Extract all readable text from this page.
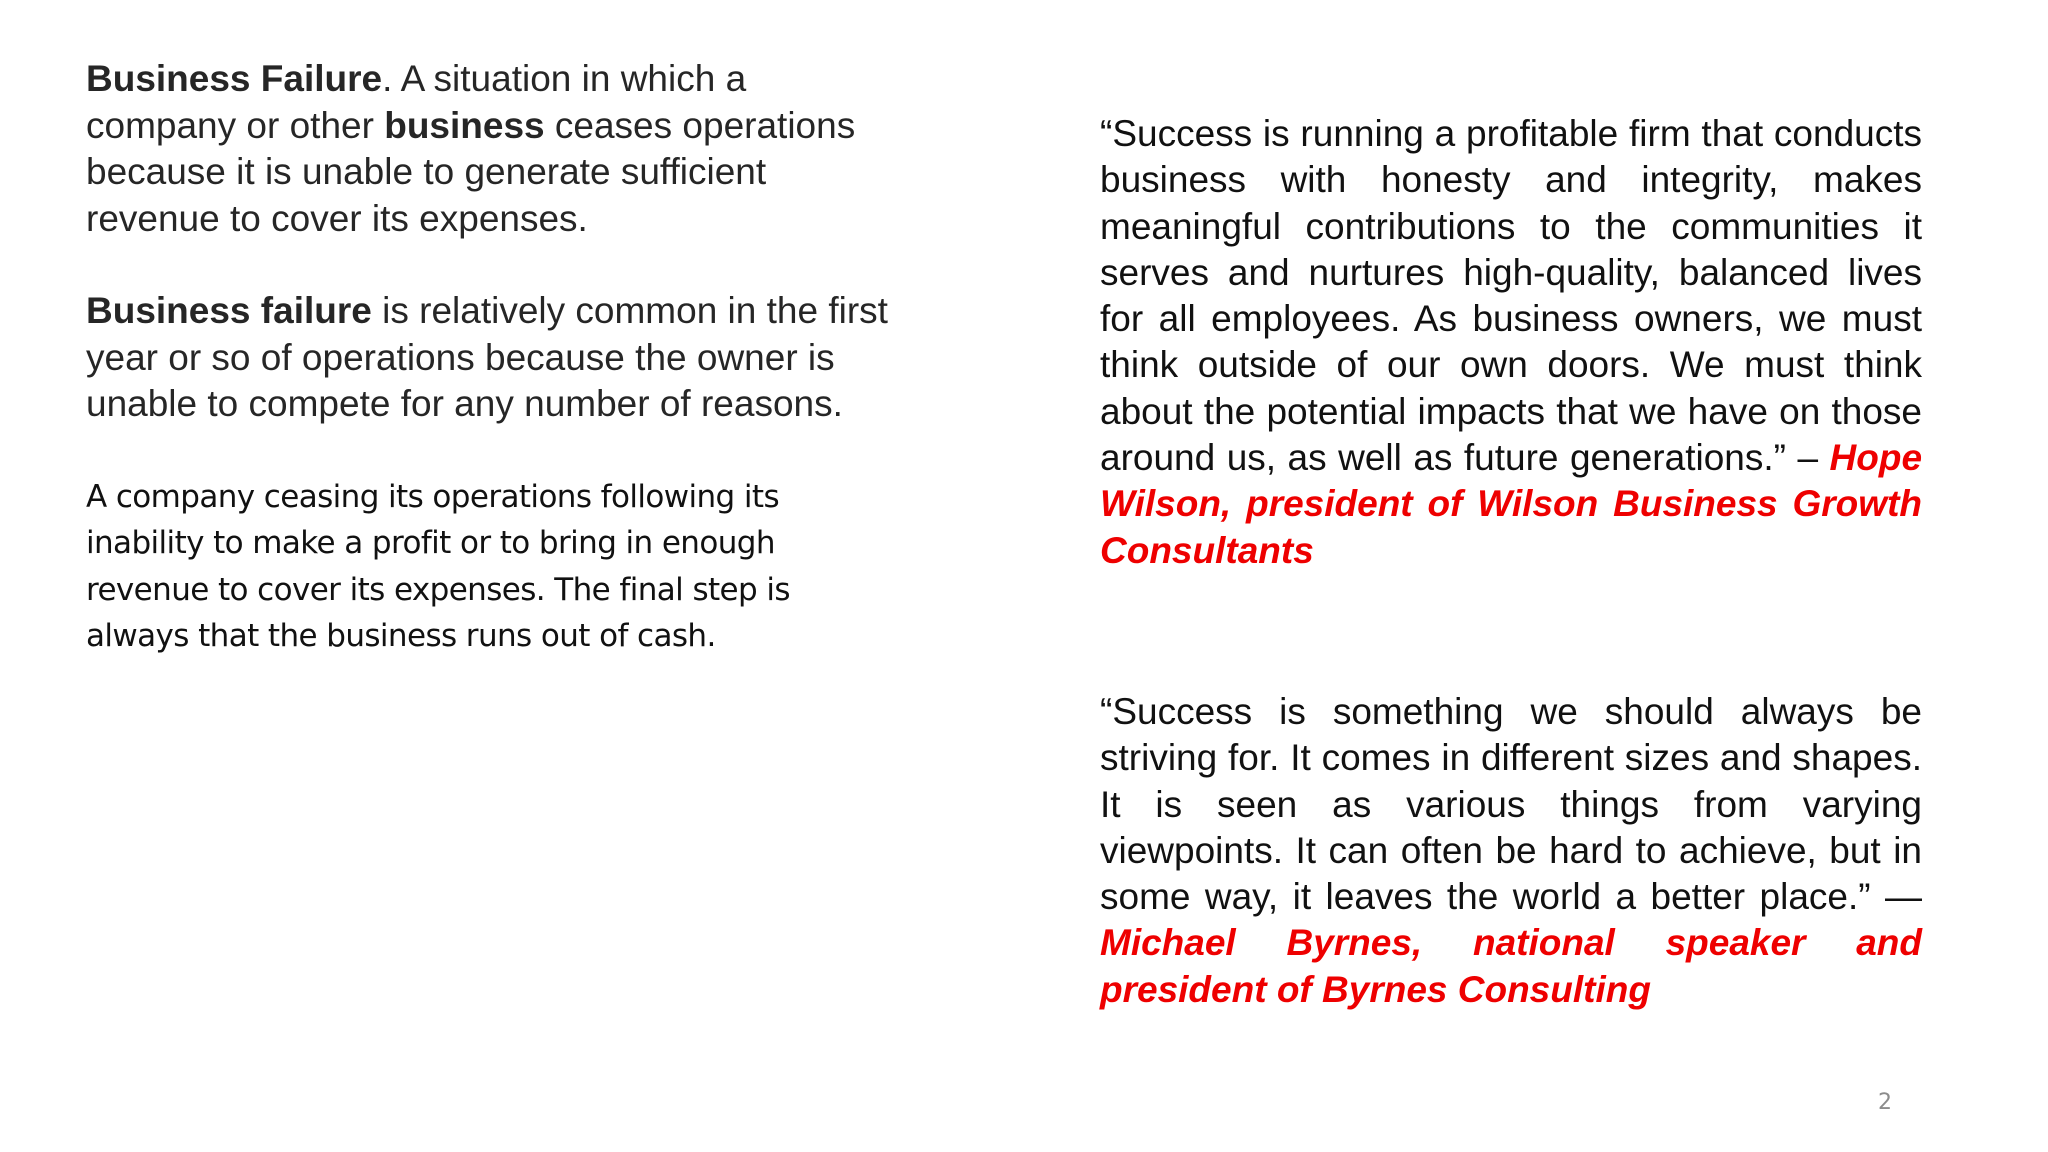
Business Failure. A situation in which a company or other business ceases operations because it is unable to generate sufficient revenue to cover its expenses.

Business failure is relatively common in the first year or so of operations because the owner is unable to compete for any number of reasons.

A company ceasing its operations following its inability to make a profit or to bring in enough revenue to cover its expenses. The final step is always that the business runs out of cash.

“Success is running a profitable firm that conducts business with honesty and integrity, makes meaningful contributions to the communities it serves and nurtures high-quality, balanced lives for all employees. As business owners, we must think outside of our own doors. We must think about the potential impacts that we have on those around us, as well as future generations.” – Hope Wilson, president of Wilson Business Growth Consultants

“Success is something we should always be striving for. It comes in different sizes and shapes. It is seen as various things from varying viewpoints. It can often be hard to achieve, but in some way, it leaves the world a better place.” — Michael Byrnes, national speaker and president of Byrnes Consulting

2
